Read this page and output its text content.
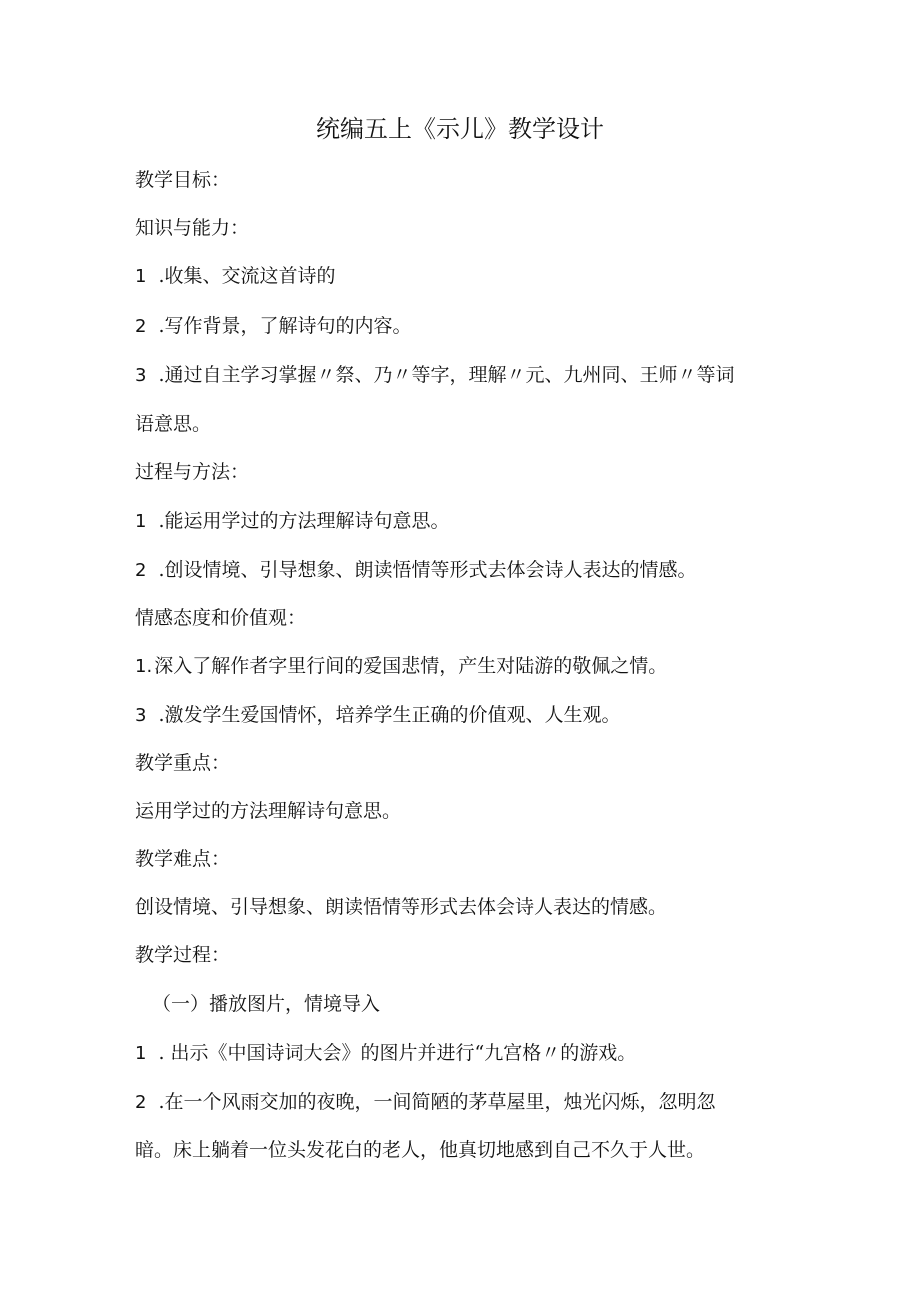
统编五上《示儿》教学设计
教学目标：
知识与能力：
1 .收集、交流这首诗的
2 .写作背景，了解诗句的内容。
3 .通过自主学习掌握〃祭、乃〃等字，理解〃元、九州同、王师〃等词
语意思。
过程与方法：
1 .能运用学过的方法理解诗句意思。
2 .创设情境、引导想象、朗读悟情等形式去体会诗人表达的情感。
情感态度和价值观：
1. 深入了解作者字里行间的爱国悲情，产生对陆游的敬佩之情。
3 .激发学生爱国情怀，培养学生正确的价值观、人生观。
教学重点：
运用学过的方法理解诗句意思。
教学难点：
创设情境、引导想象、朗读悟情等形式去体会诗人表达的情感。
教学过程：
（一）播放图片，情境导入
1 . 出示《中国诗词大会》的图片并进行“九宫格〃的游戏。
2 .在一个风雨交加的夜晚，一间简陋的茅草屋里，烛光闪烁，忽明忽
暗。床上躺着一位头发花白的老人，他真切地感到自己不久于人世。
